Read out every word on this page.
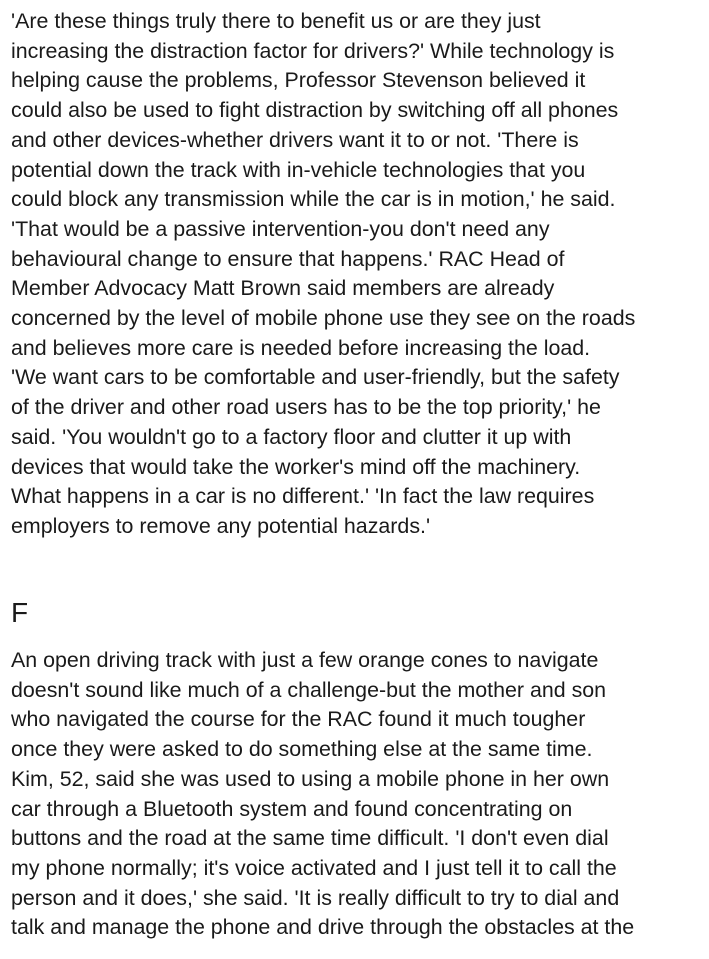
'Are these things truly there to benefit us or are they just
increasing the distraction factor for drivers?' While technology is
helping cause the problems, Professor Stevenson believed it
could also be used to fight distraction by switching off all phones
and other devices-whether drivers want it to or not. 'There is
potential down the track with in-vehicle technologies that you
could block any transmission while the car is in motion,' he said.
'That would be a passive intervention-you don't need any
behavioural change to ensure that happens.' RAC Head of
Member Advocacy Matt Brown said members are already
concerned by the level of mobile phone use they see on the roads
and believes more care is needed before increasing the load.
'We want cars to be comfortable and user-friendly, but the safety
of the driver and other road users has to be the top priority,' he
said. 'You wouldn't go to a factory floor and clutter it up with
devices that would take the worker's mind off the machinery.
What happens in a car is no different.' 'In fact the law requires
employers to remove any potential hazards.'
F
An open driving track with just a few orange cones to navigate
doesn't sound like much of a challenge-but the mother and son
who navigated the course for the RAC found it much tougher
once they were asked to do something else at the same time.
Kim, 52, said she was used to using a mobile phone in her own
car through a Bluetooth system and found concentrating on
buttons and the road at the same time difficult. 'I don't even dial
my phone normally; it's voice activated and I just tell it to call the
person and it does,' she said. 'It is really difficult to try to dial and
talk and manage the phone and drive through the obstacles at the
